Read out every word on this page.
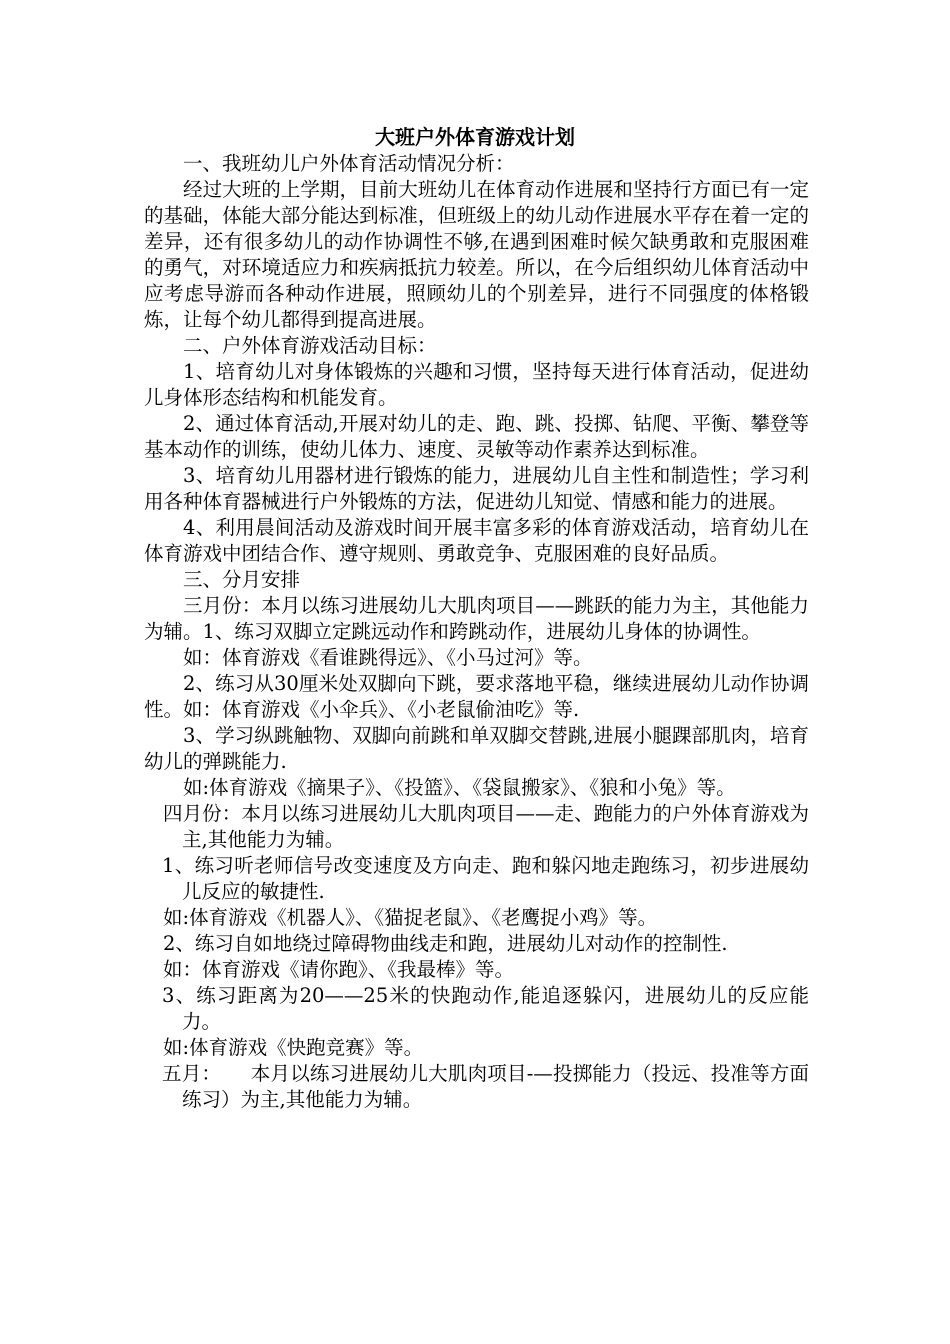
大班户外体育游戏计划

一、我班幼儿户外体育活动情况分析：

经过大班的上学期，目前大班幼儿在体育动作进展和坚持行方面已有一定的基础，体能大部分能达到标准，但班级上的幼儿动作进展水平存在着一定的差异，还有很多幼儿的动作协调性不够,在遇到困难时候欠缺勇敢和克服困难的勇气，对环境适应力和疾病抵抗力较差。所以，在今后组织幼儿体育活动中应考虑导游而各种动作进展，照顾幼儿的个别差异，进行不同强度的体格锻炼，让每个幼儿都得到提高进展。

二、户外体育游戏活动目标：

1、培育幼儿对身体锻炼的兴趣和习惯，坚持每天进行体育活动，促进幼儿身体形态结构和机能发育。

2、通过体育活动,开展对幼儿的走、跑、跳、投掷、钻爬、平衡、攀登等基本动作的训练，使幼儿体力、速度、灵敏等动作素养达到标准。

3、培育幼儿用器材进行锻炼的能力，进展幼儿自主性和制造性；学习利用各种体育器械进行户外锻炼的方法，促进幼儿知觉、情感和能力的进展。

4、利用晨间活动及游戏时间开展丰富多彩的体育游戏活动，培育幼儿在体育游戏中团结合作、遵守规则、勇敢竞争、克服困难的良好品质。

三、分月安排

三月份：本月以练习进展幼儿大肌肉项目——跳跃的能力为主，其他能力为辅。1、练习双脚立定跳远动作和跨跳动作，进展幼儿身体的协调性。

如：体育游戏《看谁跳得远》、《小马过河》等。

2、练习从30厘米处双脚向下跳，要求落地平稳，继续进展幼儿动作协调性。如：体育游戏《小伞兵》、《小老鼠偷油吃》等.

3、学习纵跳触物、双脚向前跳和单双脚交替跳,进展小腿踝部肌肉，培育幼儿的弹跳能力.

如:体育游戏《摘果子》、《投篮》、《袋鼠搬家》、《狼和小兔》等。

四月份：本月以练习进展幼儿大肌肉项目——走、跑能力的户外体育游戏为主,其他能力为辅。

1、练习听老师信号改变速度及方向走、跑和躲闪地走跑练习，初步进展幼儿反应的敏捷性.

如:体育游戏《机器人》、《猫捉老鼠》、《老鹰捉小鸡》等。

2、练习自如地绕过障碍物曲线走和跑，进展幼儿对动作的控制性.

如：体育游戏《请你跑》、《我最棒》等。

3、练习距离为20——25米的快跑动作,能追逐躲闪，进展幼儿的反应能力。

如:体育游戏《快跑竞赛》等。

五月：　　本月以练习进展幼儿大肌肉项目-—投掷能力（投远、投准等方面练习）为主,其他能力为辅。
